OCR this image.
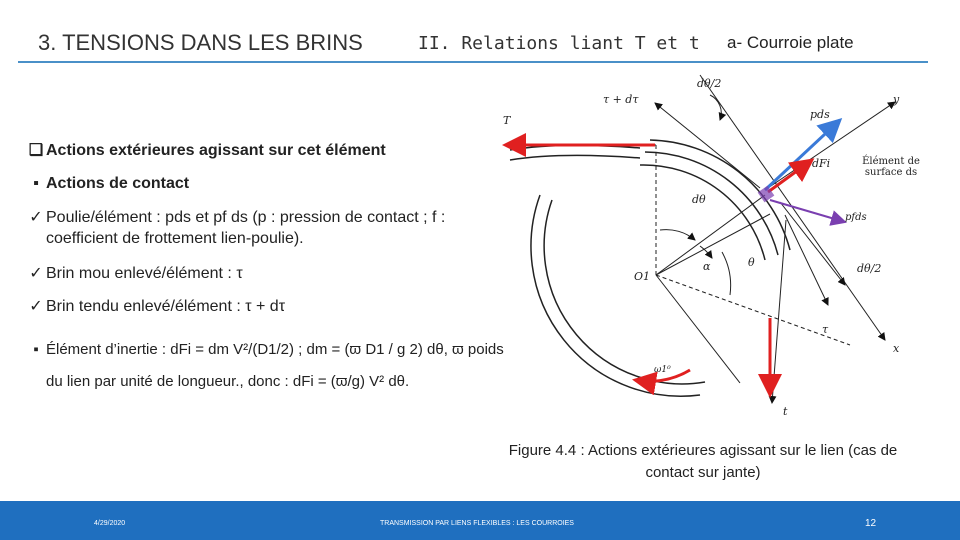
3. TENSIONS DANS LES BRINS	II. Relations liant T et t a- Courroie plate
❑ Actions extérieures agissant sur cet élément
▪ Actions de contact
✓ Poulie/élément : pds et pf ds (p : pression de contact ; f :
coefficient de frottement lien-poulie).
✓ Brin mou enlevé/élément : τ
✓ Brin tendu enlevé/élément : τ + dτ
▪ Élément d’inertie : dFi = dm V²/(D1/2) ; dm = (ϖ D1 / g 2) dθ, ϖ poids
du lien par unité de longueur., donc : dFi = (ϖ/g) V² dθ.
dθ/2
τ + dτ	y
T	pds
dFi
pfds
dθ
O1
α	θ	dθ/2
τ
x
ω1⁰
t
Élément de surface ds
Figure 4.4 : Actions extérieures agissant sur le lien (cas de contact sur jante)
4/29/2020	TRANSMISSION PAR LIENS FLEXIBLES : LES COURROIES	12
